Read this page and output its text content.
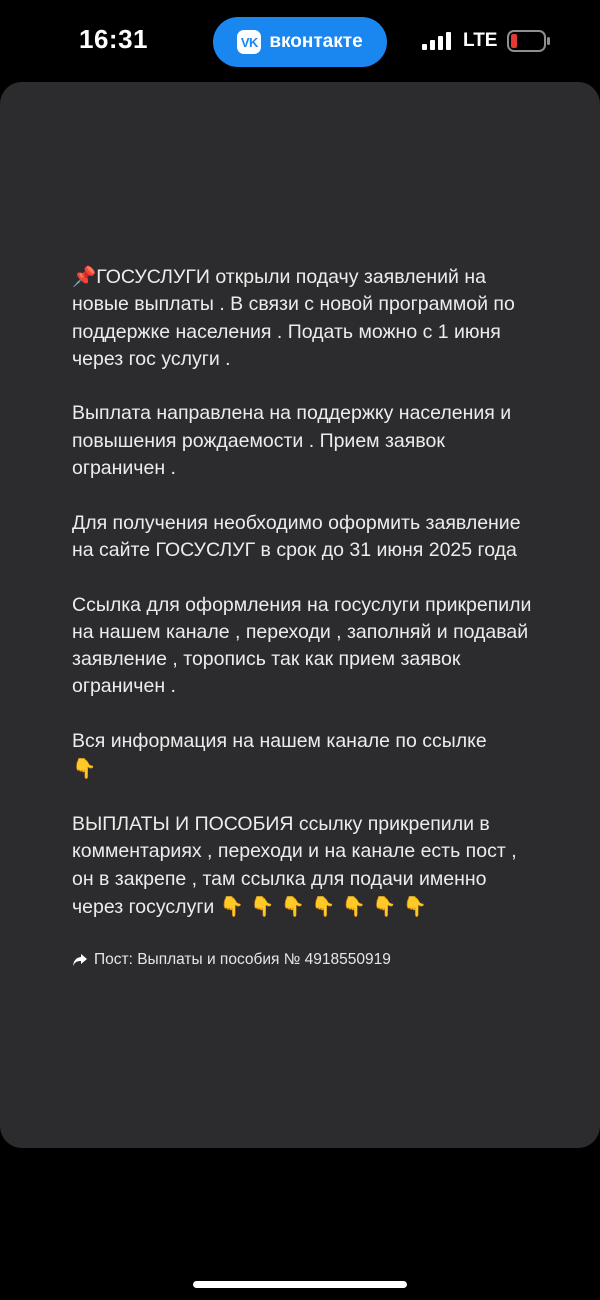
16:31	VK вконтакте	LTE

📌ГОСУСЛУГИ открыли подачу заявлений на новые выплаты . В связи с новой программой по поддержке населения . Подать можно с 1 июня через гос услуги .

Выплата направлена на поддержку населения и повышения рождаемости . Прием заявок ограничен .

Для получения необходимо оформить заявление на сайте ГОСУСЛУГ в срок до 31 июня 2025 года

Ссылка для оформления на госуслуги прикрепили на нашем канале , переходи , заполняй и подавай заявление , торопись так как прием заявок ограничен .

Вся информация на нашем канале по ссылке
👇

ВЫПЛАТЫ И ПОСОБИЯ ссылку прикрепили в комментариях , переходи и на канале есть пост , он в закрепе , там ссылка для подачи именно через госуслуги 👇 👇 👇 👇 👇 👇 👇

Пост: Выплаты и пособия № 4918550919
